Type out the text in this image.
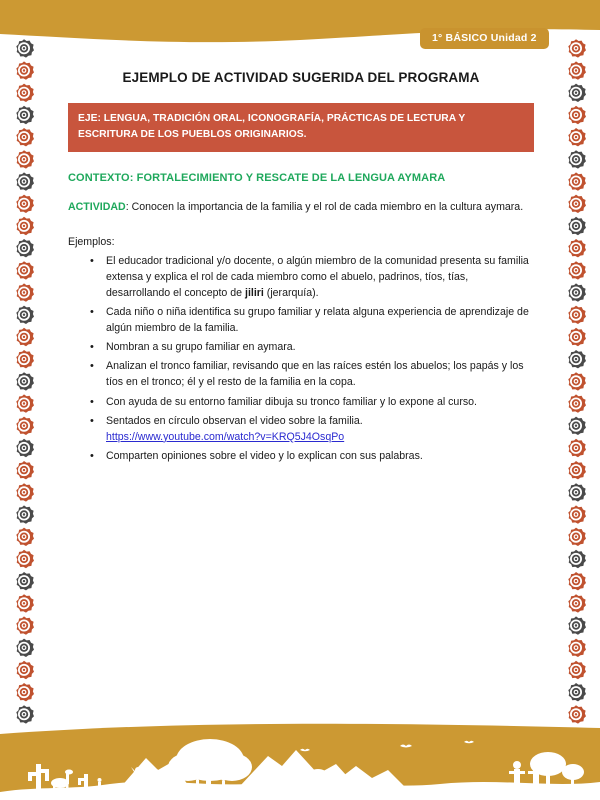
1° BÁSICO Unidad 2
EJEMPLO DE ACTIVIDAD SUGERIDA DEL PROGRAMA
EJE: LENGUA, TRADICIÓN ORAL, ICONOGRAFÍA, PRÁCTICAS DE LECTURA Y ESCRITURA DE LOS PUEBLOS ORIGINARIOS.
CONTEXTO: FORTALECIMIENTO Y RESCATE DE LA LENGUA AYMARA
ACTIVIDAD: Conocen la importancia de la familia y el rol de cada miembro en la cultura aymara.
Ejemplos:
• El educador tradicional y/o docente, o algún miembro de la comunidad presenta su familia extensa y explica el rol de cada miembro como el abuelo, padrinos, tíos, tías, desarrollando el concepto de jiliri (jerarquía).
• Cada niño o niña identifica su grupo familiar y relata alguna experiencia de aprendizaje de algún miembro de la familia.
• Nombran a su grupo familiar en aymara.
• Analizan el tronco familiar, revisando que en las raíces estén los abuelos; los papás y los tíos en el tronco; él y el resto de la familia en la copa.
• Con ayuda de su entorno familiar dibuja su tronco familiar y lo expone al curso.
• Sentados en círculo observan el video sobre la familia.
https://www.youtube.com/watch?v=KRQ5J4OsqPo
• Comparten opiniones sobre el video y lo explican con sus palabras.
